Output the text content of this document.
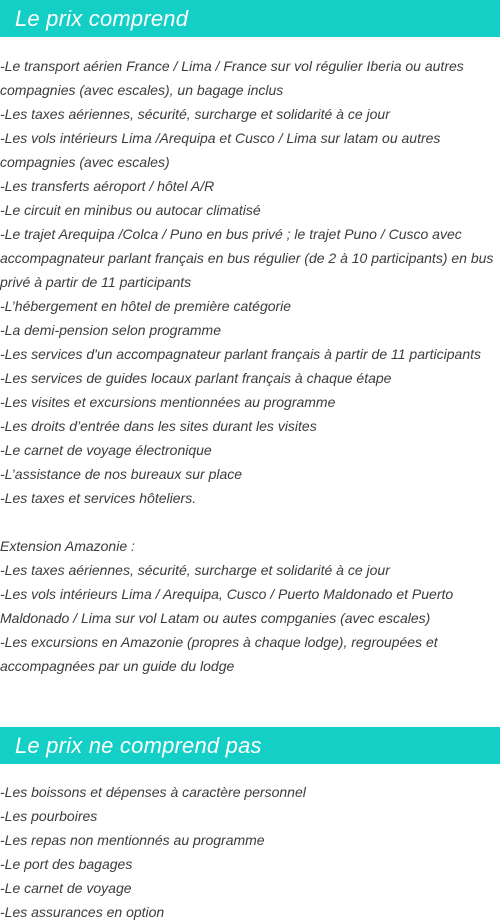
Le prix comprend

-Le transport aérien France / Lima / France sur vol régulier Iberia ou autres compagnies (avec escales), un bagage inclus

-Les taxes aériennes, sécurité, surcharge et solidarité à ce jour

-Les vols intérieurs Lima /Arequipa et Cusco / Lima sur latam ou autres compagnies (avec escales)

-Les transferts aéroport / hôtel A/R

-Le circuit en minibus ou autocar climatisé

-Le trajet Arequipa /Colca / Puno en bus privé ; le trajet Puno / Cusco avec accompagnateur parlant français en bus régulier (de 2 à 10 participants) en bus privé à partir de 11 participants

-L’hébergement en hôtel de première catégorie

-La demi-pension selon programme

-Les services d'un accompagnateur parlant français à partir de 11 participants

-Les services de guides locaux parlant français à chaque étape

-Les visites et excursions mentionnées au programme

-Les droits d’entrée dans les sites durant les visites

-Le carnet de voyage électronique

-L’assistance de nos bureaux sur place

-Les taxes et services hôteliers.

Extension Amazonie :

-Les taxes aériennes, sécurité, surcharge et solidarité à ce jour

-Les vols intérieurs Lima / Arequipa, Cusco / Puerto Maldonado et Puerto Maldonado / Lima sur vol Latam ou autes compganies (avec escales)

-Les excursions en Amazonie (propres à chaque lodge), regroupées et accompagnées par un guide du lodge

Le prix ne comprend pas

-Les boissons et dépenses à caractère personnel

-Les pourboires

-Les repas non mentionnés au programme

-Le port des bagages

-Le carnet de voyage

-Les assurances en option
